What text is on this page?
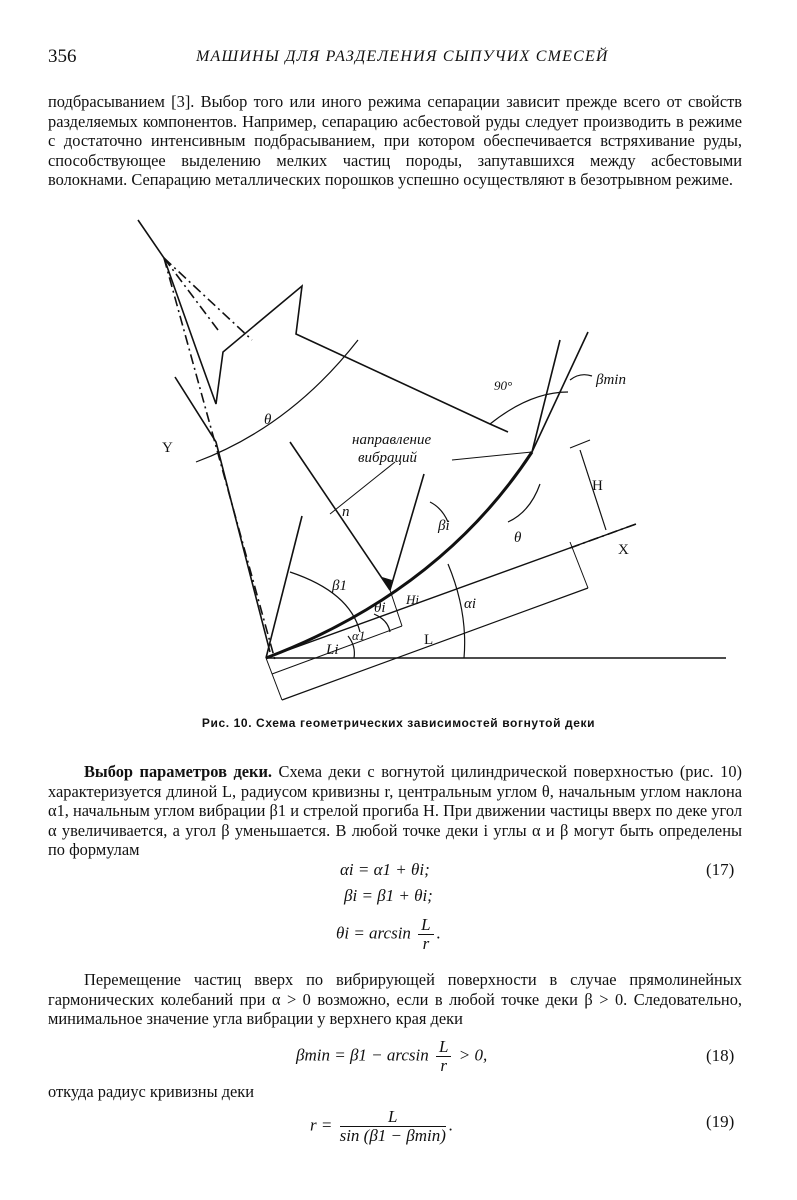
356	МАШИНЫ ДЛЯ РАЗДЕЛЕНИЯ СЫПУЧИХ СМЕСЕЙ
подбрасыванием [3]. Выбор того или иного режима сепарации зависит прежде всего от свойств разделяемых компонентов. Например, сепарацию асбестовой руды следует производить в режиме с достаточно интенсивным подбрасыванием, при котором обеспечивается встряхивание руды, способствующее выделению мелких частиц породы, запутавшихся между асбестовыми волокнами. Сепарацию металлических порошков успешно осуществляют в безотрывном режиме.
90°	βmin
θ
Y	направление
вибраций
H
n
βi
θ
X
β1
θi
Hi	αi
α1
Li
L
Рис. 10. Схема геометрических зависимостей вогнутой деки
Выбор параметров деки. Схема деки с вогнутой цилиндрической поверхностью (рис. 10) характеризуется длиной L, радиусом кривизны r, центральным углом θ, начальным углом наклона α1, начальным углом вибрации β1 и стрелой прогиба H. При движении частицы вверх по деке угол α увеличивается, а угол β уменьшается. В любой точке деки i углы α и β могут быть определены по формулам
αi = α1 + θi;
βi = β1 + θi;
$\theta i = \arcsin \frac{L}{r}$ .
(17)
Перемещение частиц вверх по вибрирующей поверхности в случае прямолинейных гармонических колебаний при α > 0 возможно, если в любой точке деки β > 0. Следовательно, минимальное значение угла вибрации у верхнего края деки
$\beta\min = \beta 1 - \arcsin \frac{L}{r} > 0$,	(18)
откуда радиус кривизны деки
$r = \frac{L}{\sin (\beta 1 - \beta\min)}$ .	(19)
